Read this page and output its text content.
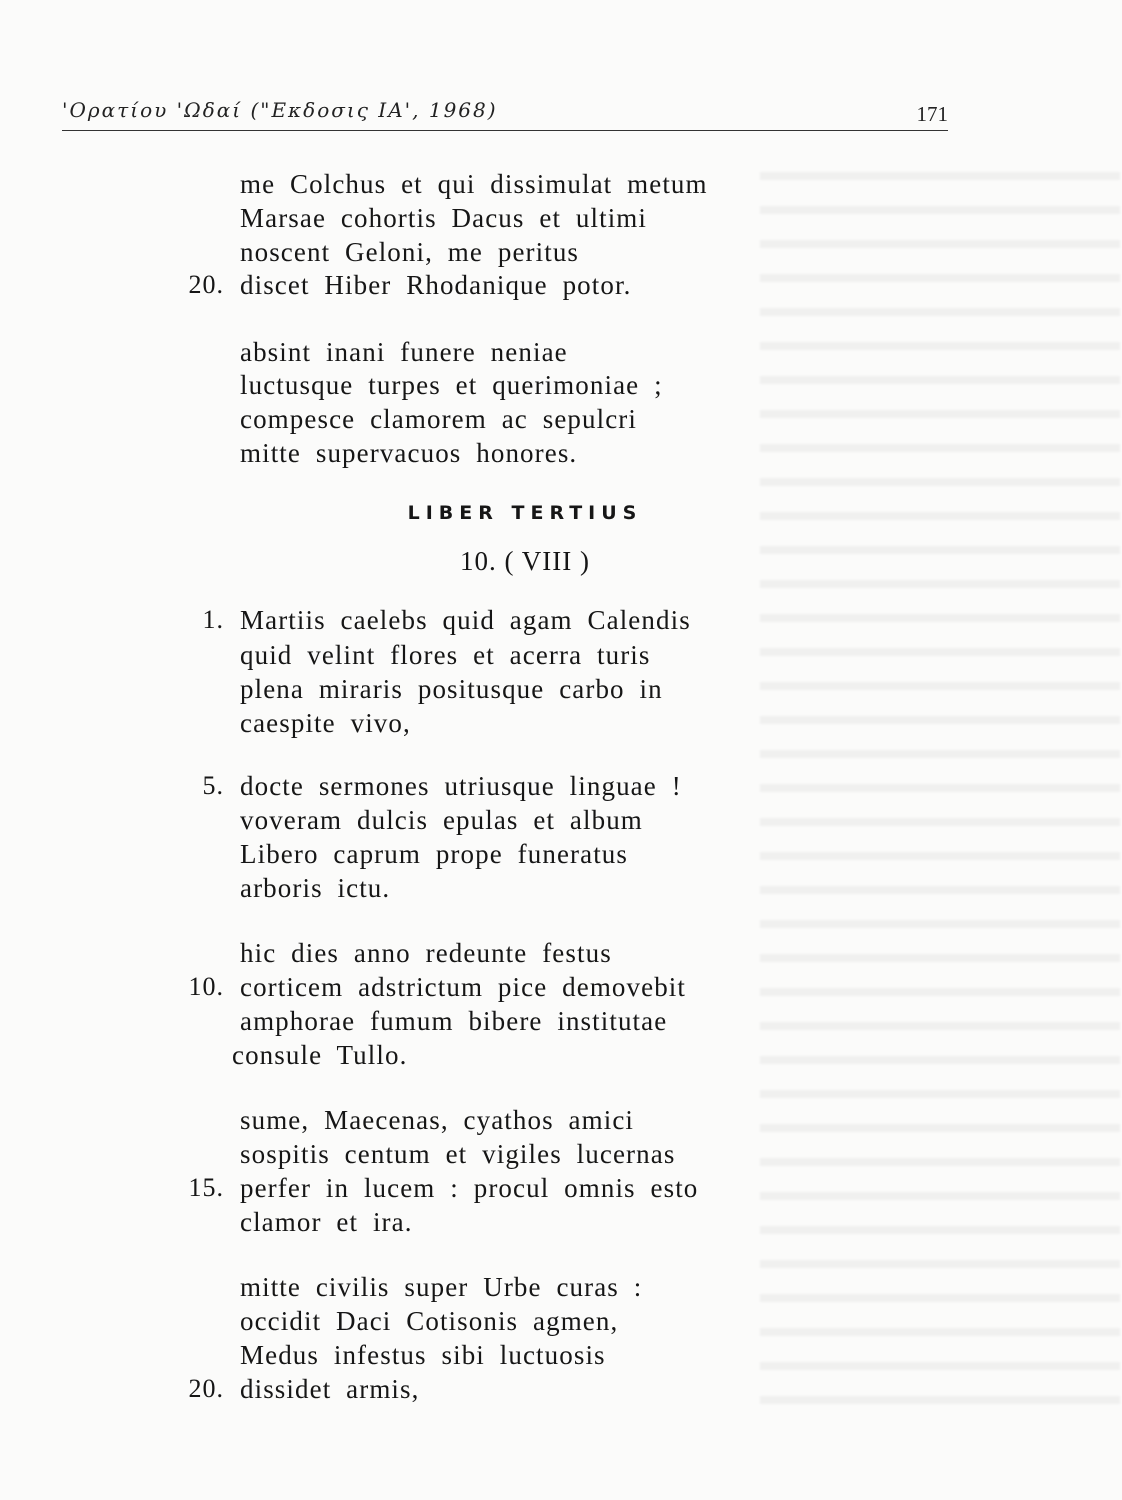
'Ορατίου 'Ωδαί ("Εκδοσις ΙΑ', 1968)	171
me Colchus et qui dissimulat metum
Marsae cohortis Dacus et ultimi
noscent Geloni, me peritus
20. discet Hiber Rhodanique potor.
absint inani funere neniae
luctusque turpes et querimoniae ;
compesce clamorem ac sepulcri
mitte supervacuos honores.
LIBER TERTIUS
10. ( VIII )
1. Martiis caelebs quid agam Calendis
quid velint flores et acerra turis
plena miraris positusque carbo in
caespite vivo,
5. docte sermones utriusque linguae !
voveram dulcis epulas et album
Libero caprum prope funeratus
arboris ictu.
hic dies anno redeunte festus
10. corticem adstrictum pice demovebit
amphorae fumum bibere institutae
consule Tullo.
sume, Maecenas, cyathos amici
sospitis centum et vigiles lucernas
15. perfer in lucem : procul omnis esto
clamor et ira.
mitte civilis super Urbe curas :
occidit Daci Cotisonis agmen,
Medus infestus sibi luctuosis
20. dissidet armis,
